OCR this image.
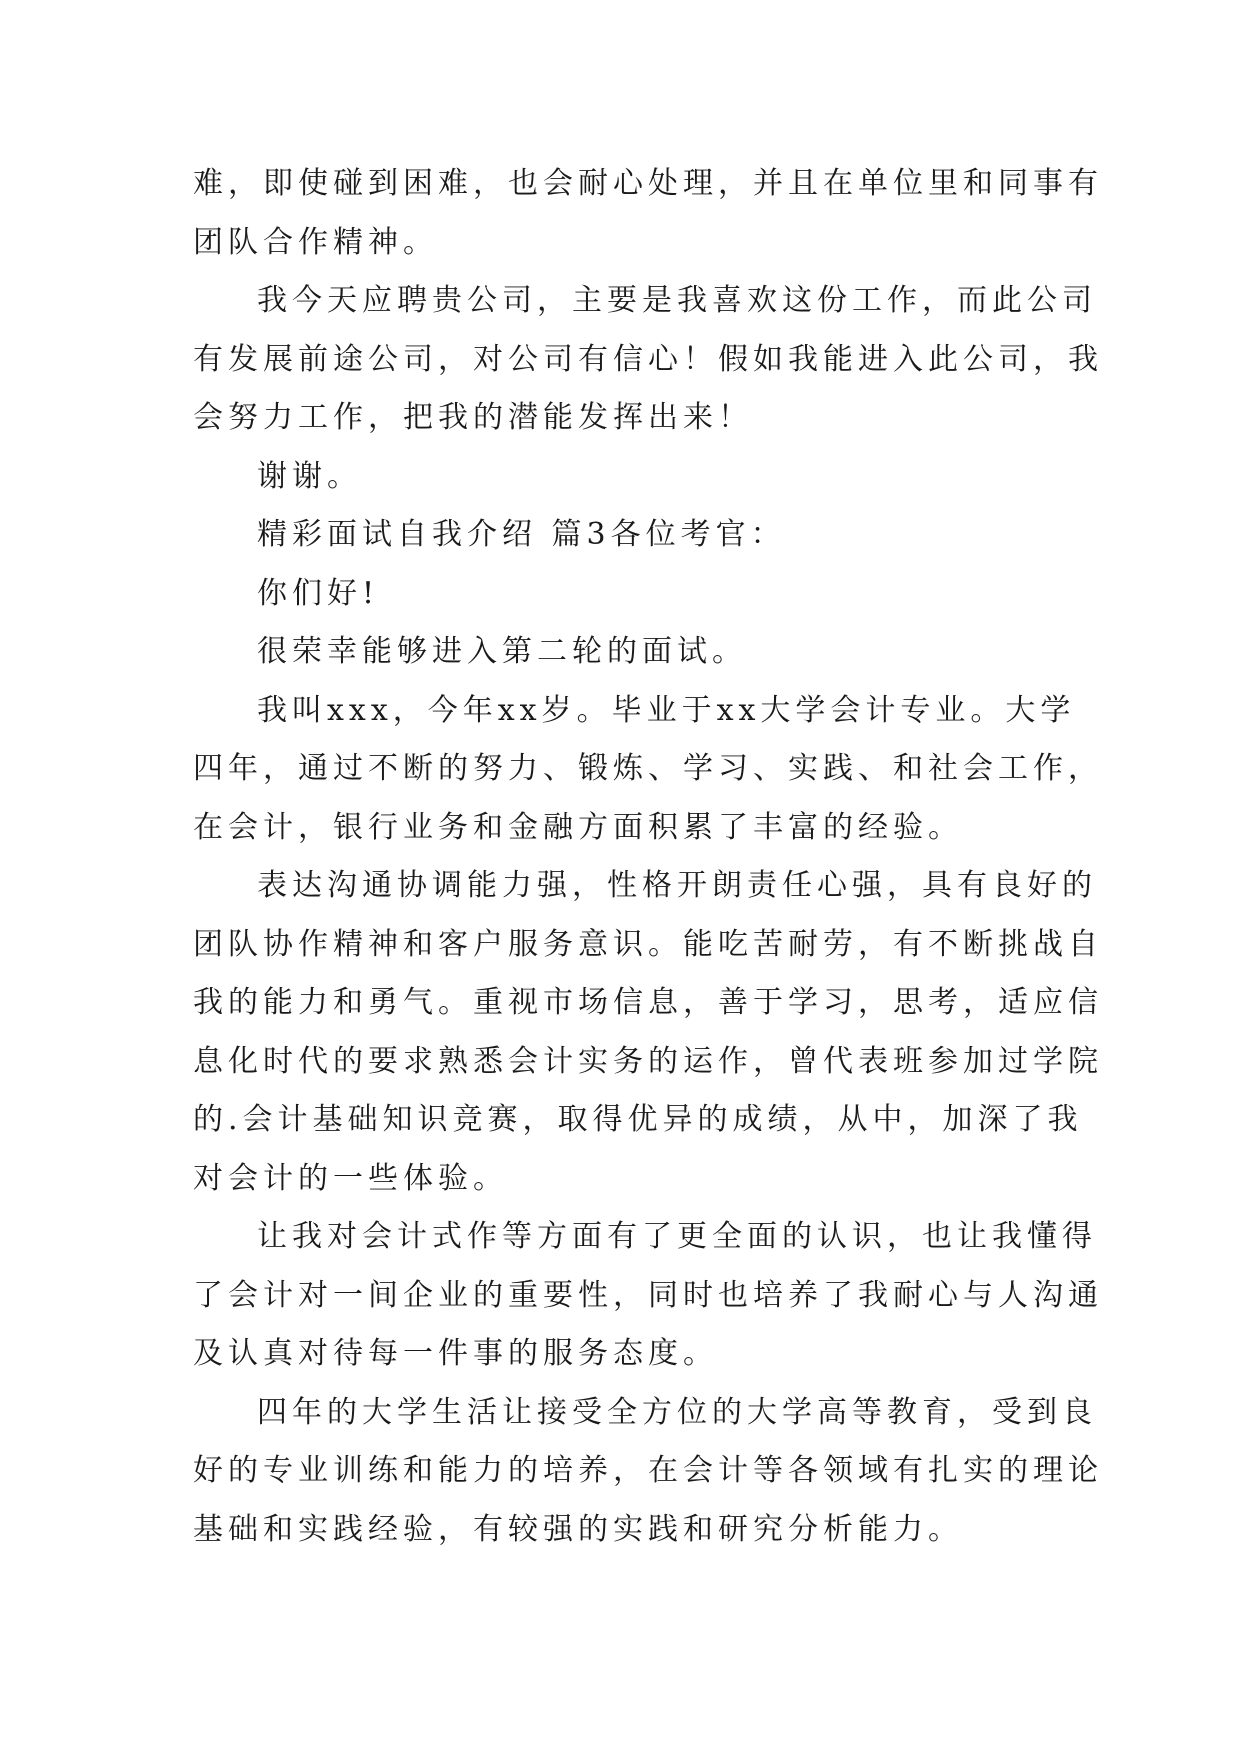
难，即使碰到困难，也会耐心处理，并且在单位里和同事有
团队合作精神。
我今天应聘贵公司，主要是我喜欢这份工作，而此公司
有发展前途公司，对公司有信心！假如我能进入此公司，我
会努力工作，把我的潜能发挥出来！
谢谢。
精彩面试自我介绍 篇3各位考官：
你们好!
很荣幸能够进入第二轮的面试。
我叫xxx，今年xx岁。毕业于xx大学会计专业。大学
四年，通过不断的努力、锻炼、学习、实践、和社会工作，
在会计，银行业务和金融方面积累了丰富的经验。
表达沟通协调能力强，性格开朗责任心强，具有良好的
团队协作精神和客户服务意识。能吃苦耐劳，有不断挑战自
我的能力和勇气。重视市场信息，善于学习，思考，适应信
息化时代的要求熟悉会计实务的运作，曾代表班参加过学院
的.会计基础知识竞赛，取得优异的成绩，从中，加深了我
对会计的一些体验。
让我对会计式作等方面有了更全面的认识，也让我懂得
了会计对一间企业的重要性，同时也培养了我耐心与人沟通
及认真对待每一件事的服务态度。
四年的大学生活让接受全方位的大学高等教育，受到良
好的专业训练和能力的培养，在会计等各领域有扎实的理论
基础和实践经验，有较强的实践和研究分析能力。
